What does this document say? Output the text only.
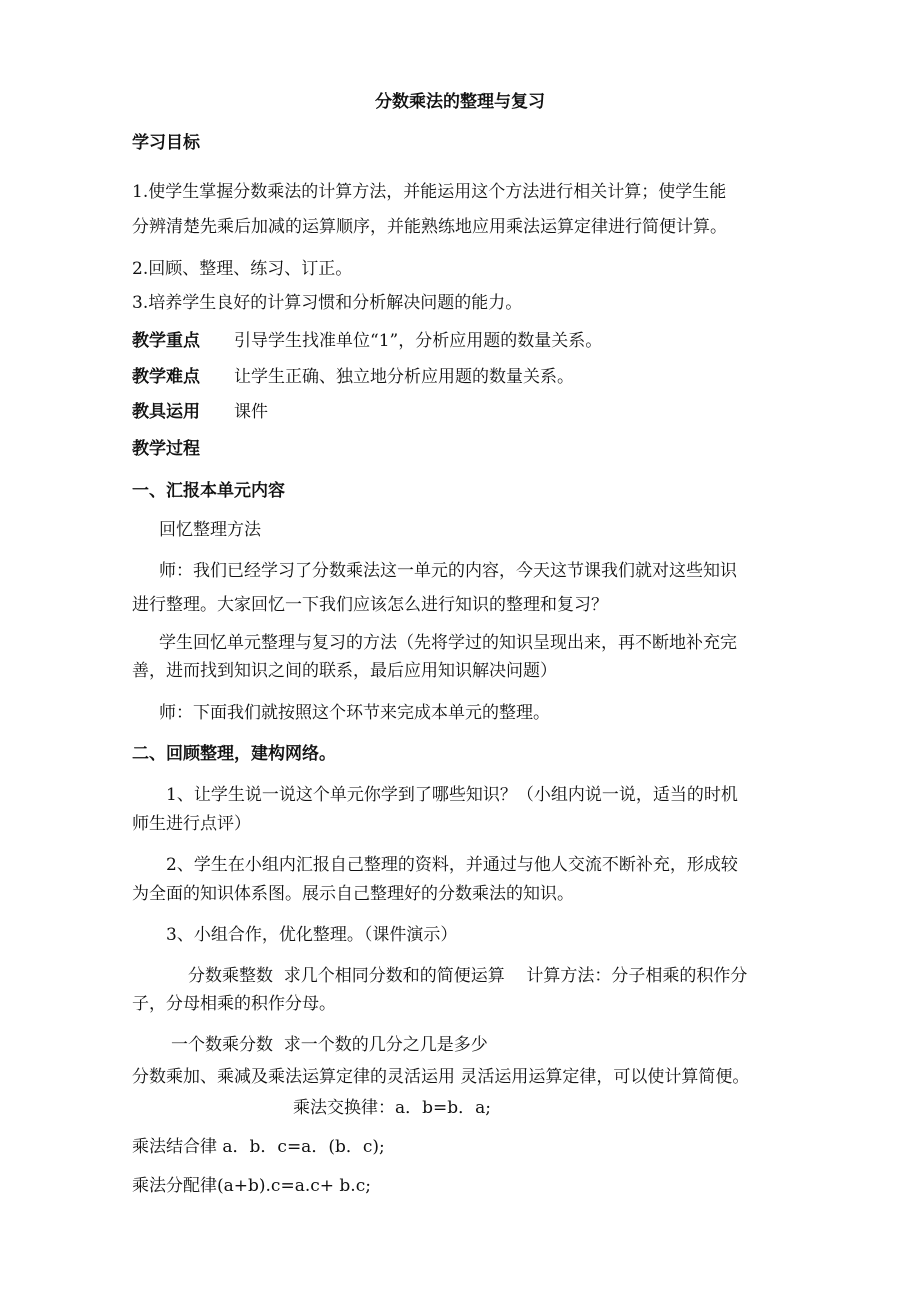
分数乘法的整理与复习
学习目标
1.使学生掌握分数乘法的计算方法，并能运用这个方法进行相关计算；使学生能
分辨清楚先乘后加减的运算顺序，并能熟练地应用乘法运算定律进行简便计算。
2.回顾、整理、练习、订正。
3.培养学生良好的计算习惯和分析解决问题的能力。
教学重点 引导学生找准单位“1”，分析应用题的数量关系。
教学难点 让学生正确、独立地分析应用题的数量关系。
教具运用 课件
教学过程
一、汇报本单元内容
回忆整理方法
师：我们已经学习了分数乘法这一单元的内容，今天这节课我们就对这些知识
进行整理。大家回忆一下我们应该怎么进行知识的整理和复习？
学生回忆单元整理与复习的方法（先将学过的知识呈现出来，再不断地补充完
善，进而找到知识之间的联系，最后应用知识解决问题）
师：下面我们就按照这个环节来完成本单元的整理。
二、回顾整理，建构网络。
1、让学生说一说这个单元你学到了哪些知识？（小组内说一说，适当的时机
师生进行点评）
2、学生在小组内汇报自己整理的资料，并通过与他人交流不断补充，形成较
为全面的知识体系图。展示自己整理好的分数乘法的知识。
3、小组合作，优化整理。（课件演示）
分数乘整数  求几个相同分数和的简便运算    计算方法：分子相乘的积作分
子，分母相乘的积作分母。
一个数乘分数  求一个数的几分之几是多少
分数乘加、乘减及乘法运算定律的灵活运用 灵活运用运算定律，可以使计算简便。
乘法交换律：a．b=b．a;
乘法结合律 a．b．c=a．(b．c);
乘法分配律(a+b).c=a.c+ b.c;
